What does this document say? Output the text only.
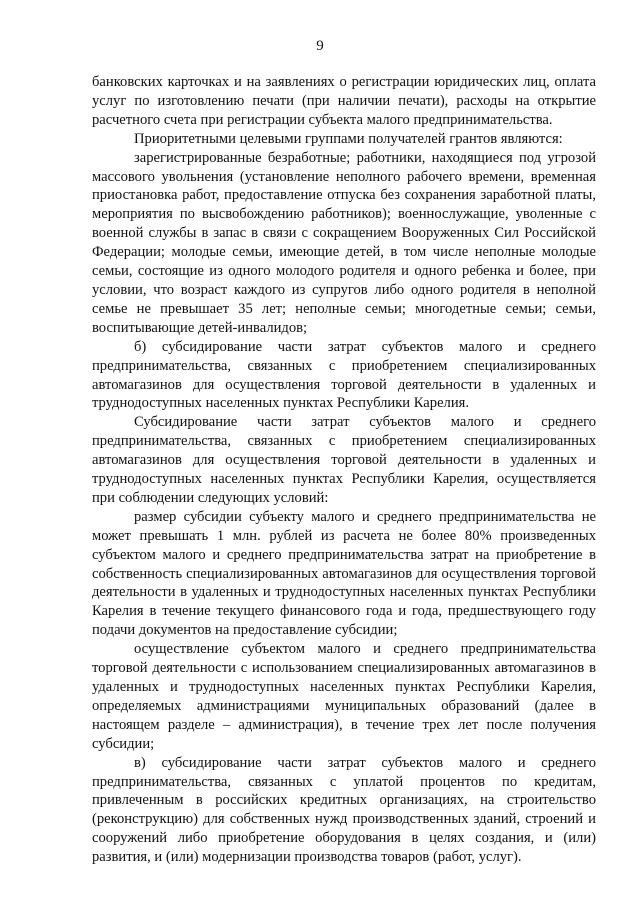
9

банковских карточках и на заявлениях о регистрации юридических лиц, оплата услуг по изготовлению печати (при наличии печати), расходы на открытие расчетного счета при регистрации субъекта малого предпринимательства.

Приоритетными целевыми группами получателей грантов являются:

зарегистрированные безработные; работники, находящиеся под угрозой массового увольнения (установление неполного рабочего времени, временная приостановка работ, предоставление отпуска без сохранения заработной платы, мероприятия по высвобождению работников); военнослужащие, уволенные с военной службы в запас в связи с сокращением Вооруженных Сил Российской Федерации; молодые семьи, имеющие детей, в том числе неполные молодые семьи, состоящие из одного молодого родителя и одного ребенка и более, при условии, что возраст каждого из супругов либо одного родителя в неполной семье не превышает 35 лет; неполные семьи; многодетные семьи; семьи, воспитывающие детей-инвалидов;

б) субсидирование части затрат субъектов малого и среднего предпринимательства, связанных с приобретением специализированных автомагазинов для осуществления торговой деятельности в удаленных и труднодоступных населенных пунктах Республики Карелия.

Субсидирование части затрат субъектов малого и среднего предпринимательства, связанных с приобретением специализированных автомагазинов для осуществления торговой деятельности в удаленных и труднодоступных населенных пунктах Республики Карелия, осуществляется при соблюдении следующих условий:

размер субсидии субъекту малого и среднего предпринимательства не может превышать 1 млн. рублей из расчета не более 80% произведенных субъектом малого и среднего предпринимательства затрат на приобретение в собственность специализированных автомагазинов для осуществления торговой деятельности в удаленных и труднодоступных населенных пунктах Республики Карелия в течение текущего финансового года и года, предшествующего году подачи документов на предоставление субсидии;

осуществление субъектом малого и среднего предпринимательства торговой деятельности с использованием специализированных автомагазинов в удаленных и труднодоступных населенных пунктах Республики Карелия, определяемых администрациями муниципальных образований (далее в настоящем разделе – администрация), в течение трех лет после получения субсидии;

в) субсидирование части затрат субъектов малого и среднего предпринимательства, связанных с уплатой процентов по кредитам, привлеченным в российских кредитных организациях, на строительство (реконструкцию) для собственных нужд производственных зданий, строений и сооружений либо приобретение оборудования в целях создания, и (или) развития, и (или) модернизации производства товаров (работ, услуг).
